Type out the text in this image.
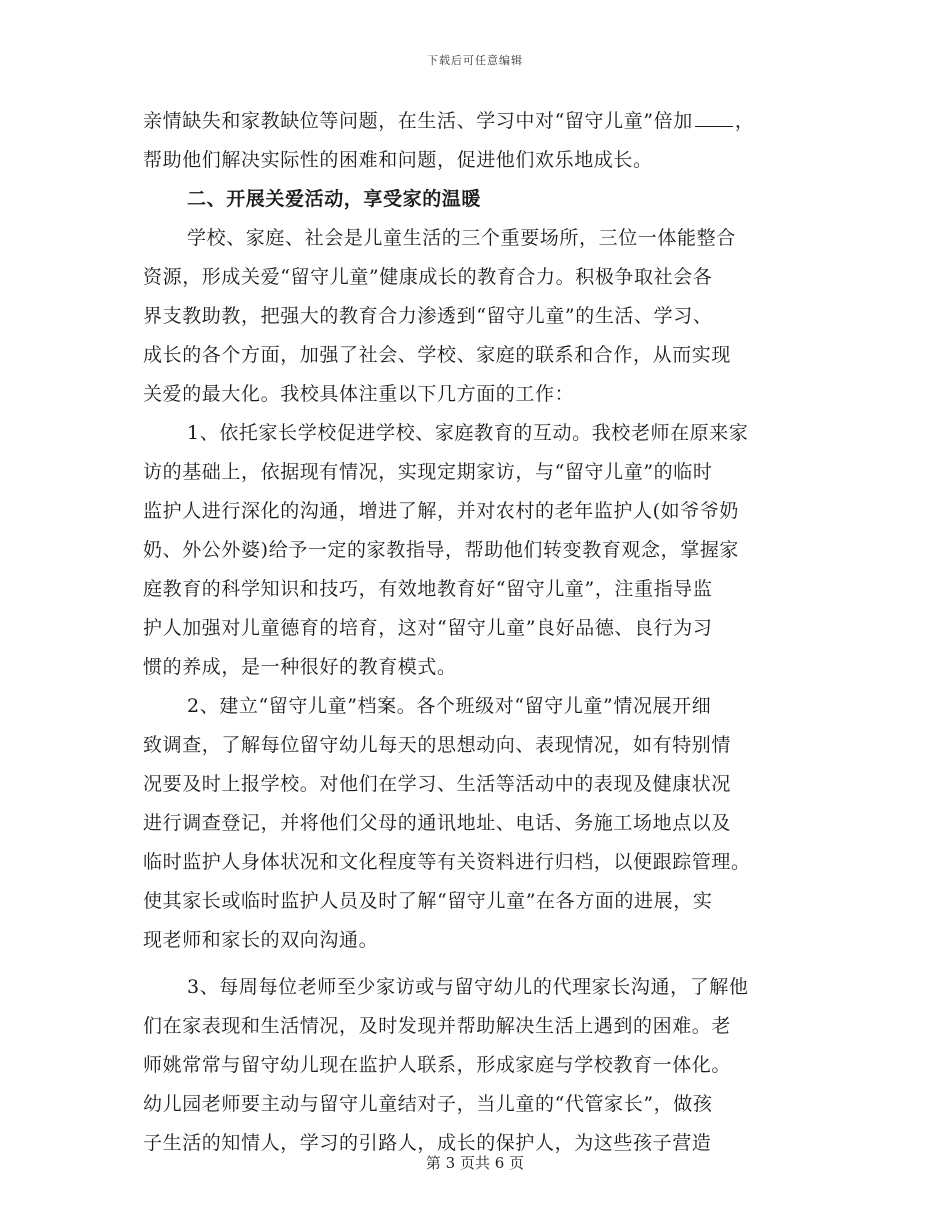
下载后可任意编辑
亲情缺失和家教缺位等问题，在生活、学习中对“留守儿童”倍加 ，
帮助他们解决实际性的困难和问题，促进他们欢乐地成长。
二、开展关爱活动，享受家的温暖
学校、家庭、社会是儿童生活的三个重要场所，三位一体能整合
资源，形成关爱“留守儿童”健康成长的教育合力。积极争取社会各
界支教助教，把强大的教育合力渗透到“留守儿童”的生活、学习、
成长的各个方面，加强了社会、学校、家庭的联系和合作，从而实现
关爱的最大化。我校具体注重以下几方面的工作：
1、依托家长学校促进学校、家庭教育的互动。我校老师在原来家
访的基础上，依据现有情况，实现定期家访，与“留守儿童”的临时
监护人进行深化的沟通，增进了解，并对农村的老年监护人(如爷爷奶
奶、外公外婆)给予一定的家教指导，帮助他们转变教育观念，掌握家
庭教育的科学知识和技巧，有效地教育好“留守儿童”，注重指导监
护人加强对儿童德育的培育，这对“留守儿童”良好品德、良行为习
惯的养成，是一种很好的教育模式。
2、建立“留守儿童”档案。各个班级对“留守儿童”情况展开细
致调查，了解每位留守幼儿每天的思想动向、表现情况，如有特别情
况要及时上报学校。对他们在学习、生活等活动中的表现及健康状况
进行调查登记，并将他们父母的通讯地址、电话、务施工场地点以及
临时监护人身体状况和文化程度等有关资料进行归档，以便跟踪管理。
使其家长或临时监护人员及时了解“留守儿童”在各方面的进展，实
现老师和家长的双向沟通。
3、每周每位老师至少家访或与留守幼儿的代理家长沟通，了解他
们在家表现和生活情况，及时发现并帮助解决生活上遇到的困难。老
师姚常常与留守幼儿现在监护人联系，形成家庭与学校教育一体化。
幼儿园老师要主动与留守儿童结对子，当儿童的“代管家长”，做孩
子生活的知情人，学习的引路人，成长的保护人，为这些孩子营造
第 3 页共 6 页
